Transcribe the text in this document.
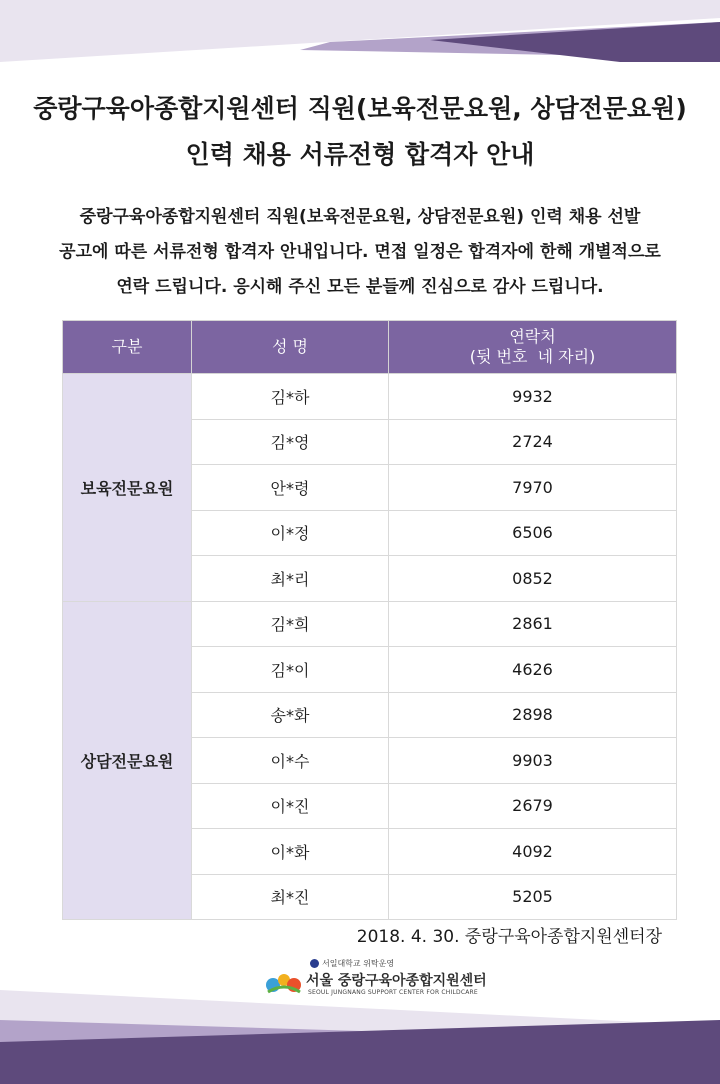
중랑구육아종합지원센터 직원(보육전문요원, 상담전문요원)
인력 채용 서류전형 합격자 안내
중랑구육아종합지원센터 직원(보육전문요원, 상담전문요원) 인력 채용 선발
공고에 따른 서류전형 합격자 안내입니다. 면접 일정은 합격자에 한해 개별적으로
연락 드립니다. 응시해 주신 모든 분들께 진심으로 감사 드립니다.
구분	성 명	연락처
(뒷 번호  네 자리)

보육전문요원	김*하	9932
	김*영	2724
	안*령	7970
	이*정	6506
	최*리	0852
상담전문요원	김*희	2861
	김*이	4626
	송*화	2898
	이*수	9903
	이*진	2679
	이*화	4092
	최*진	5205
2018. 4. 30. 중랑구육아종합지원센터장
서일대학교 위탁운영
서울 중랑구육아종합지원센터
SEOUL JUNGNANG SUPPORT CENTER FOR CHILDCARE
